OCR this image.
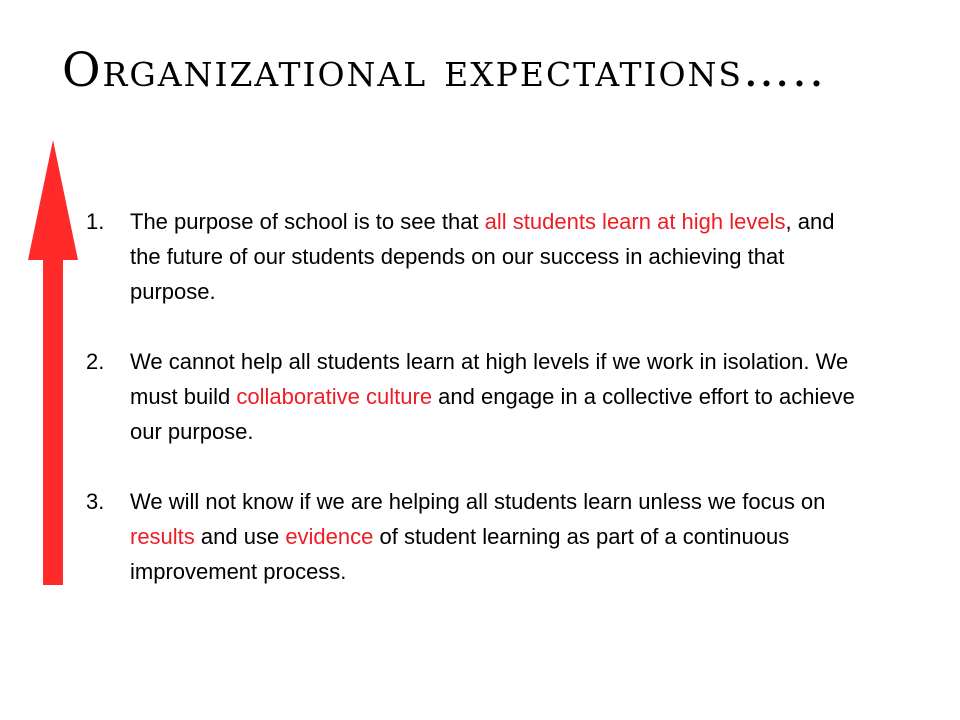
Organizational expectations…..
1. The purpose of school is to see that all students learn at high levels, and the future of our students depends on our success in achieving that purpose.
2. We cannot help all students learn at high levels if we work in isolation. We must build collaborative culture and engage in a collective effort to achieve our purpose.
3. We will not know if we are helping all students learn unless we focus on results and use evidence of student learning as part of a continuous improvement process.
